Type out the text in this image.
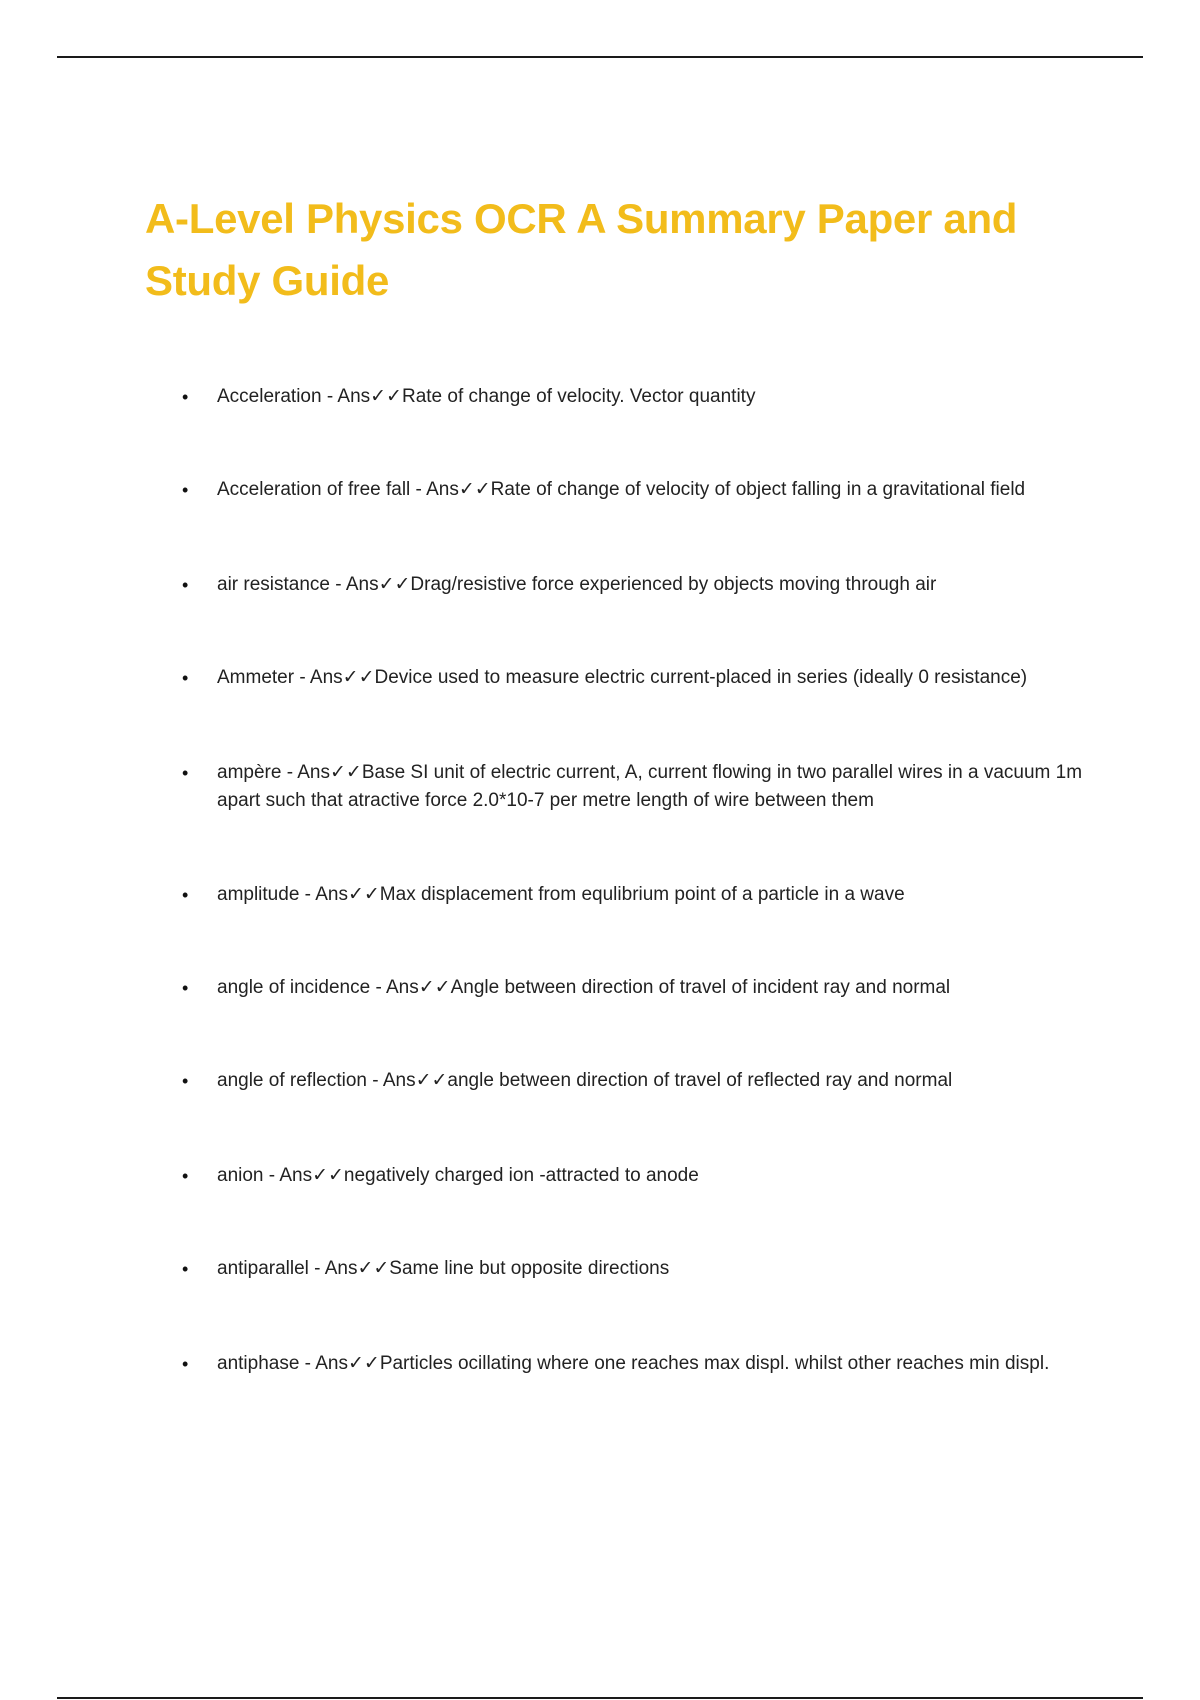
A-Level Physics OCR A Summary Paper and Study Guide
• Acceleration - Ans✓✓Rate of change of velocity. Vector quantity
• Acceleration of free fall - Ans✓✓Rate of change of velocity of object falling in a gravitational field
• air resistance - Ans✓✓Drag/resistive force experienced by objects moving through air
• Ammeter - Ans✓✓Device used to measure electric current-placed in series (ideally 0 resistance)
• ampère - Ans✓✓Base SI unit of electric current, A, current flowing in two parallel wires in a vacuum 1m apart such that atractive force 2.0*10-7 per metre length of wire between them
• amplitude - Ans✓✓Max displacement from equlibrium point of a particle in a wave
• angle of incidence - Ans✓✓Angle between direction of travel of incident ray and normal
• angle of reflection - Ans✓✓angle between direction of travel of reflected ray and normal
• anion - Ans✓✓negatively charged ion -attracted to anode
• antiparallel - Ans✓✓Same line but opposite directions
• antiphase - Ans✓✓Particles ocillating where one reaches max displ. whilst other reaches min displ.
